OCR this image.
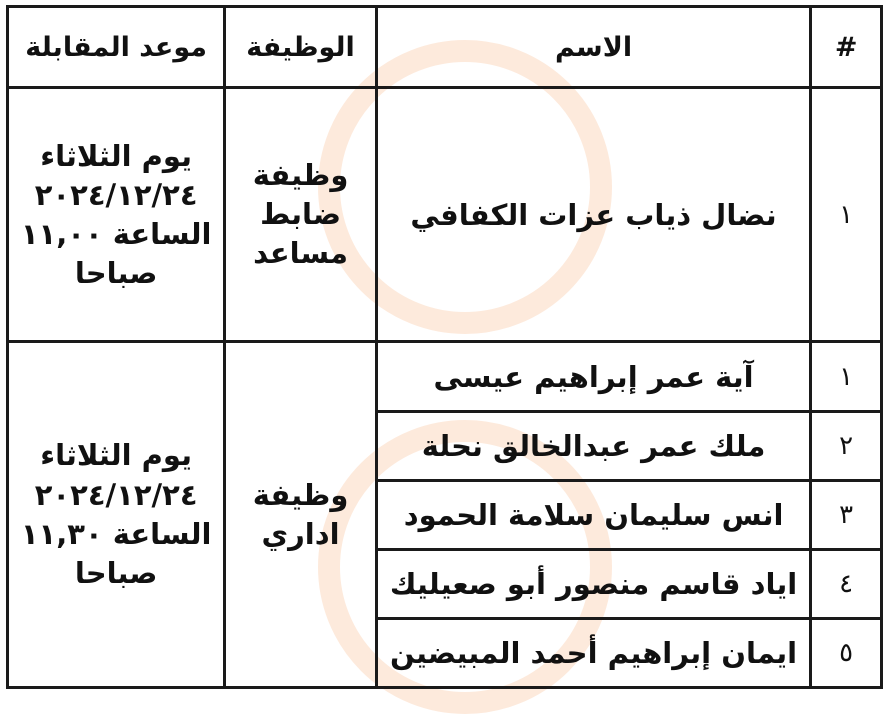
#	الاسم	الوظيفة	موعد المقابلة
١	نضال ذياب عزات الكفافي	وظيفة
ضابط
مساعد	يوم الثلاثاء
٢٠٢٤/١٢/٢٤
الساعة ١١,٠٠
صباحا

١	آية عمر إبراهيم عيسى	وظيفة
اداري	يوم الثلاثاء
٢٠٢٤/١٢/٢٤
الساعة ١١,٣٠
صباحا

٢	ملك عمر عبدالخالق نحلة		
٣	انس سليمان سلامة الحمود		
٤	اياد قاسم منصور أبو صعيليك		
٥	ايمان إبراهيم أحمد المبيضين		
